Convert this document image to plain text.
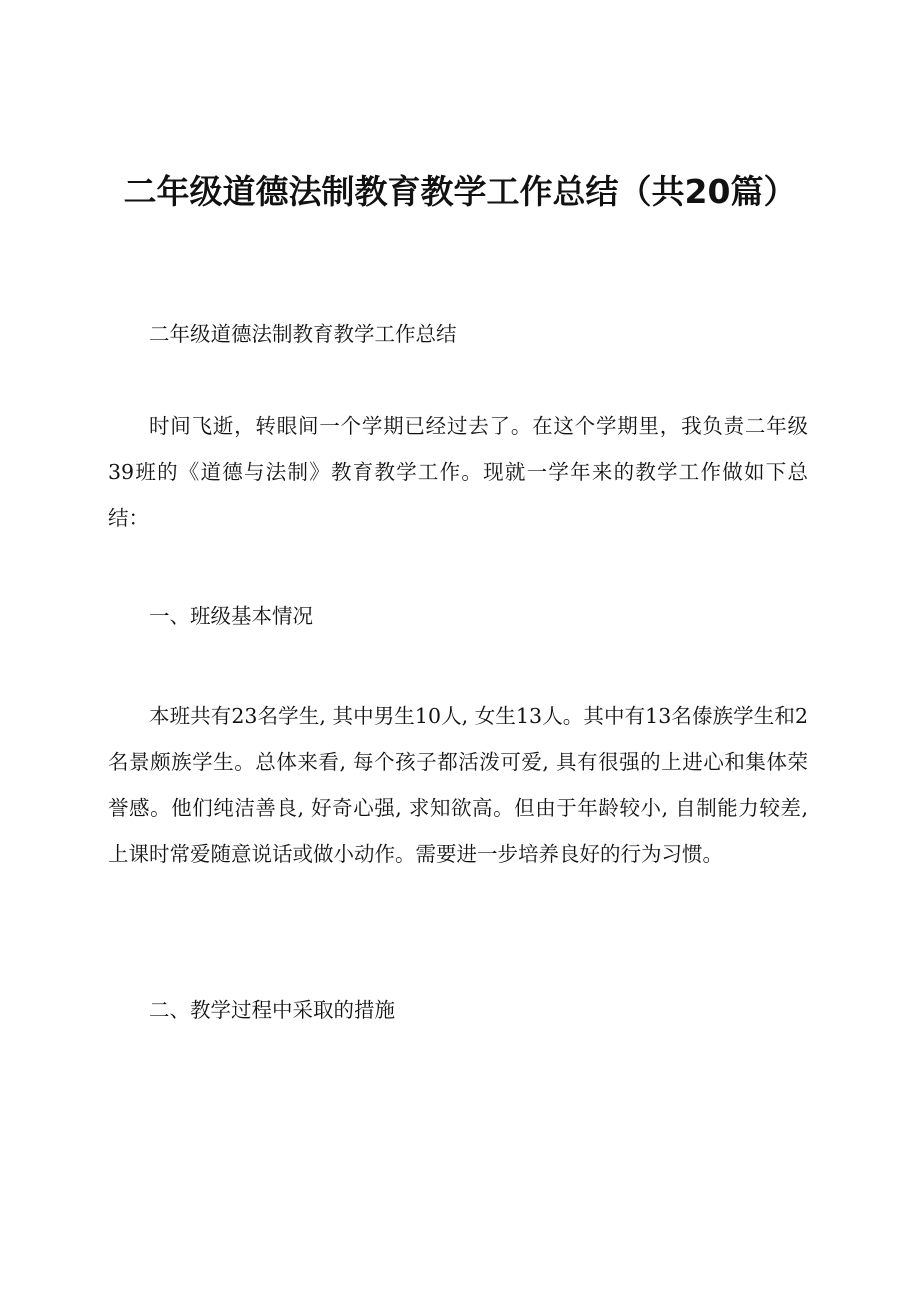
二年级道德法制教育教学工作总结（共20篇）

二年级道德法制教育教学工作总结

时间飞逝，转眼间一个学期已经过去了。在这个学期里，我负责二年级39班的《道德与法制》教育教学工作。现就一学年来的教学工作做如下总结：

一、班级基本情况

本班共有23名学生, 其中男生10人, 女生13人。其中有13名傣族学生和2名景颇族学生。总体来看, 每个孩子都活泼可爱, 具有很强的上进心和集体荣誉感。他们纯洁善良, 好奇心强, 求知欲高。但由于年龄较小, 自制能力较差, 上课时常爱随意说话或做小动作。需要进一步培养良好的行为习惯。

二、教学过程中采取的措施
